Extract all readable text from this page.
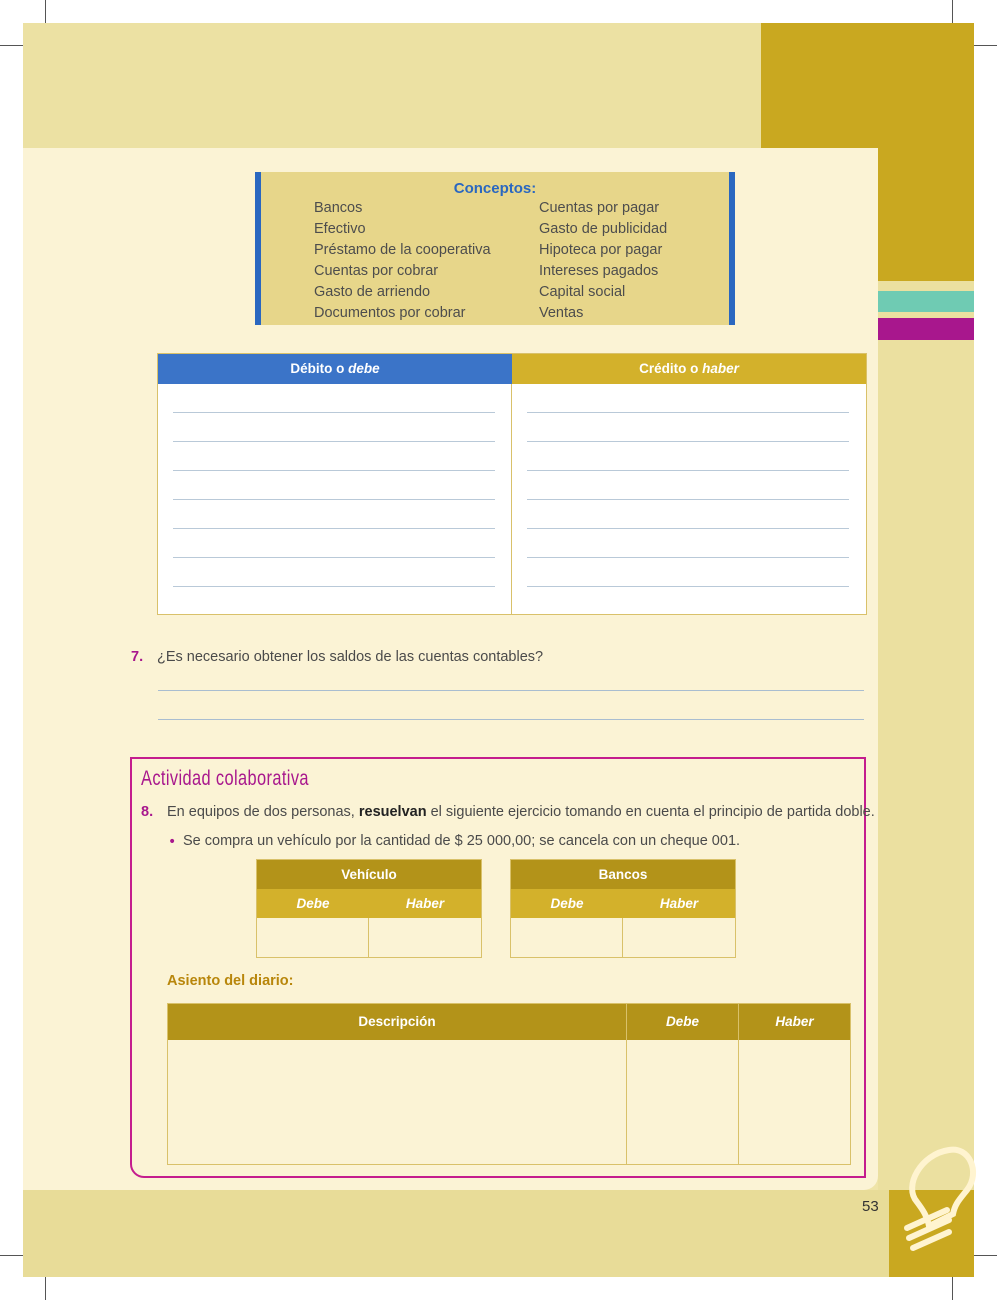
53
Conceptos:
Bancos
Efectivo
Préstamo de la cooperativa
Cuentas por cobrar
Gasto de arriendo
Documentos por cobrar
Cuentas por pagar
Gasto de publicidad
Hipoteca por pagar
Intereses pagados
Capital social
Ventas
Débito o debe	Crédito o haber
7. ¿Es necesario obtener los saldos de las cuentas contables?
Actividad colaborativa
8. En equipos de dos personas, resuelvan el siguiente ejercicio tomando en cuenta el principio de partida doble.
• Se compra un vehículo por la cantidad de $ 25 000,00; se cancela con un cheque 001.
Vehículo
Debe	Haber
Bancos
Debe	Haber
Asiento del diario:
Descripción	Debe	Haber
